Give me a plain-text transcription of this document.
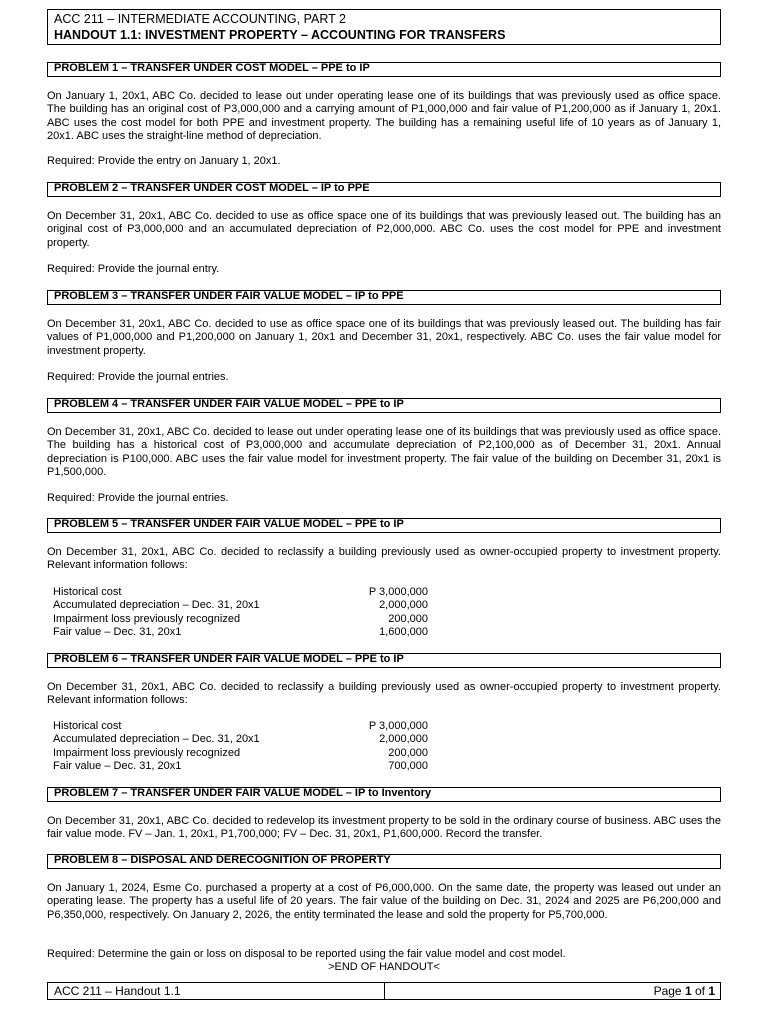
ACC 211 – INTERMEDIATE ACCOUNTING, PART 2
HANDOUT 1.1: INVESTMENT PROPERTY – ACCOUNTING FOR TRANSFERS
PROBLEM 1 – TRANSFER UNDER COST MODEL – PPE to IP

On January 1, 20x1, ABC Co. decided to lease out under operating lease one of its buildings that was previously used as office space. The building has an original cost of P3,000,000 and a carrying amount of P1,000,000 and fair value of P1,200,000 as if January 1, 20x1. ABC uses the cost model for both PPE and investment property. The building has a remaining useful life of 10 years as of January 1, 20x1. ABC uses the straight-line method of depreciation.

Required: Provide the entry on January 1, 20x1.
PROBLEM 2 – TRANSFER UNDER COST MODEL – IP to PPE

On December 31, 20x1, ABC Co. decided to use as office space one of its buildings that was previously leased out. The building has an original cost of P3,000,000 and an accumulated depreciation of P2,000,000. ABC Co. uses the cost model for PPE and investment property.

Required: Provide the journal entry.
PROBLEM 3 – TRANSFER UNDER FAIR VALUE MODEL – IP to PPE

On December 31, 20x1, ABC Co. decided to use as office space one of its buildings that was previously leased out. The building has fair values of P1,000,000 and P1,200,000 on January 1, 20x1 and December 31, 20x1, respectively. ABC Co. uses the fair value model for investment property.

Required: Provide the journal entries.
PROBLEM 4 – TRANSFER UNDER FAIR VALUE MODEL – PPE to IP

On December 31, 20x1, ABC Co. decided to lease out under operating lease one of its buildings that was previously used as office space. The building has a historical cost of P3,000,000 and accumulate depreciation of P2,100,000 as of December 31, 20x1. Annual depreciation is P100,000. ABC uses the fair value model for investment property. The fair value of the building on December 31, 20x1 is P1,500,000.

Required: Provide the journal entries.
PROBLEM 5 – TRANSFER UNDER FAIR VALUE MODEL – PPE to IP

On December 31, 20x1, ABC Co. decided to reclassify a building previously used as owner-occupied property to investment property. Relevant information follows:

Historical cost	P 3,000,000
Accumulated depreciation – Dec. 31, 20x1	2,000,000
Impairment loss previously recognized	200,000
Fair value – Dec. 31, 20x1	1,600,000
PROBLEM 6 – TRANSFER UNDER FAIR VALUE MODEL – PPE to IP

On December 31, 20x1, ABC Co. decided to reclassify a building previously used as owner-occupied property to investment property. Relevant information follows:

Historical cost	P 3,000,000
Accumulated depreciation – Dec. 31, 20x1	2,000,000
Impairment loss previously recognized	200,000
Fair value – Dec. 31, 20x1	700,000
PROBLEM 7 – TRANSFER UNDER FAIR VALUE MODEL – IP to Inventory

On December 31, 20x1, ABC Co. decided to redevelop its investment property to be sold in the ordinary course of business. ABC uses the fair value mode. FV – Jan. 1, 20x1, P1,700,000; FV – Dec. 31, 20x1, P1,600,000. Record the transfer.

PROBLEM 8 – DISPOSAL AND DERECOGNITION OF PROPERTY

On January 1, 2024, Esme Co. purchased a property at a cost of P6,000,000. On the same date, the property was leased out under an operating lease. The property has a useful life of 20 years. The fair value of the building on Dec. 31, 2024 and 2025 are P6,200,000 and P6,350,000, respectively. On January 2, 2026, the entity terminated the lease and sold the property for P5,700,000.

Required: Determine the gain or loss on disposal to be reported using the fair value model and cost model.
>END OF HANDOUT<
ACC 211 – Handout 1.1	Page 1 of 1
